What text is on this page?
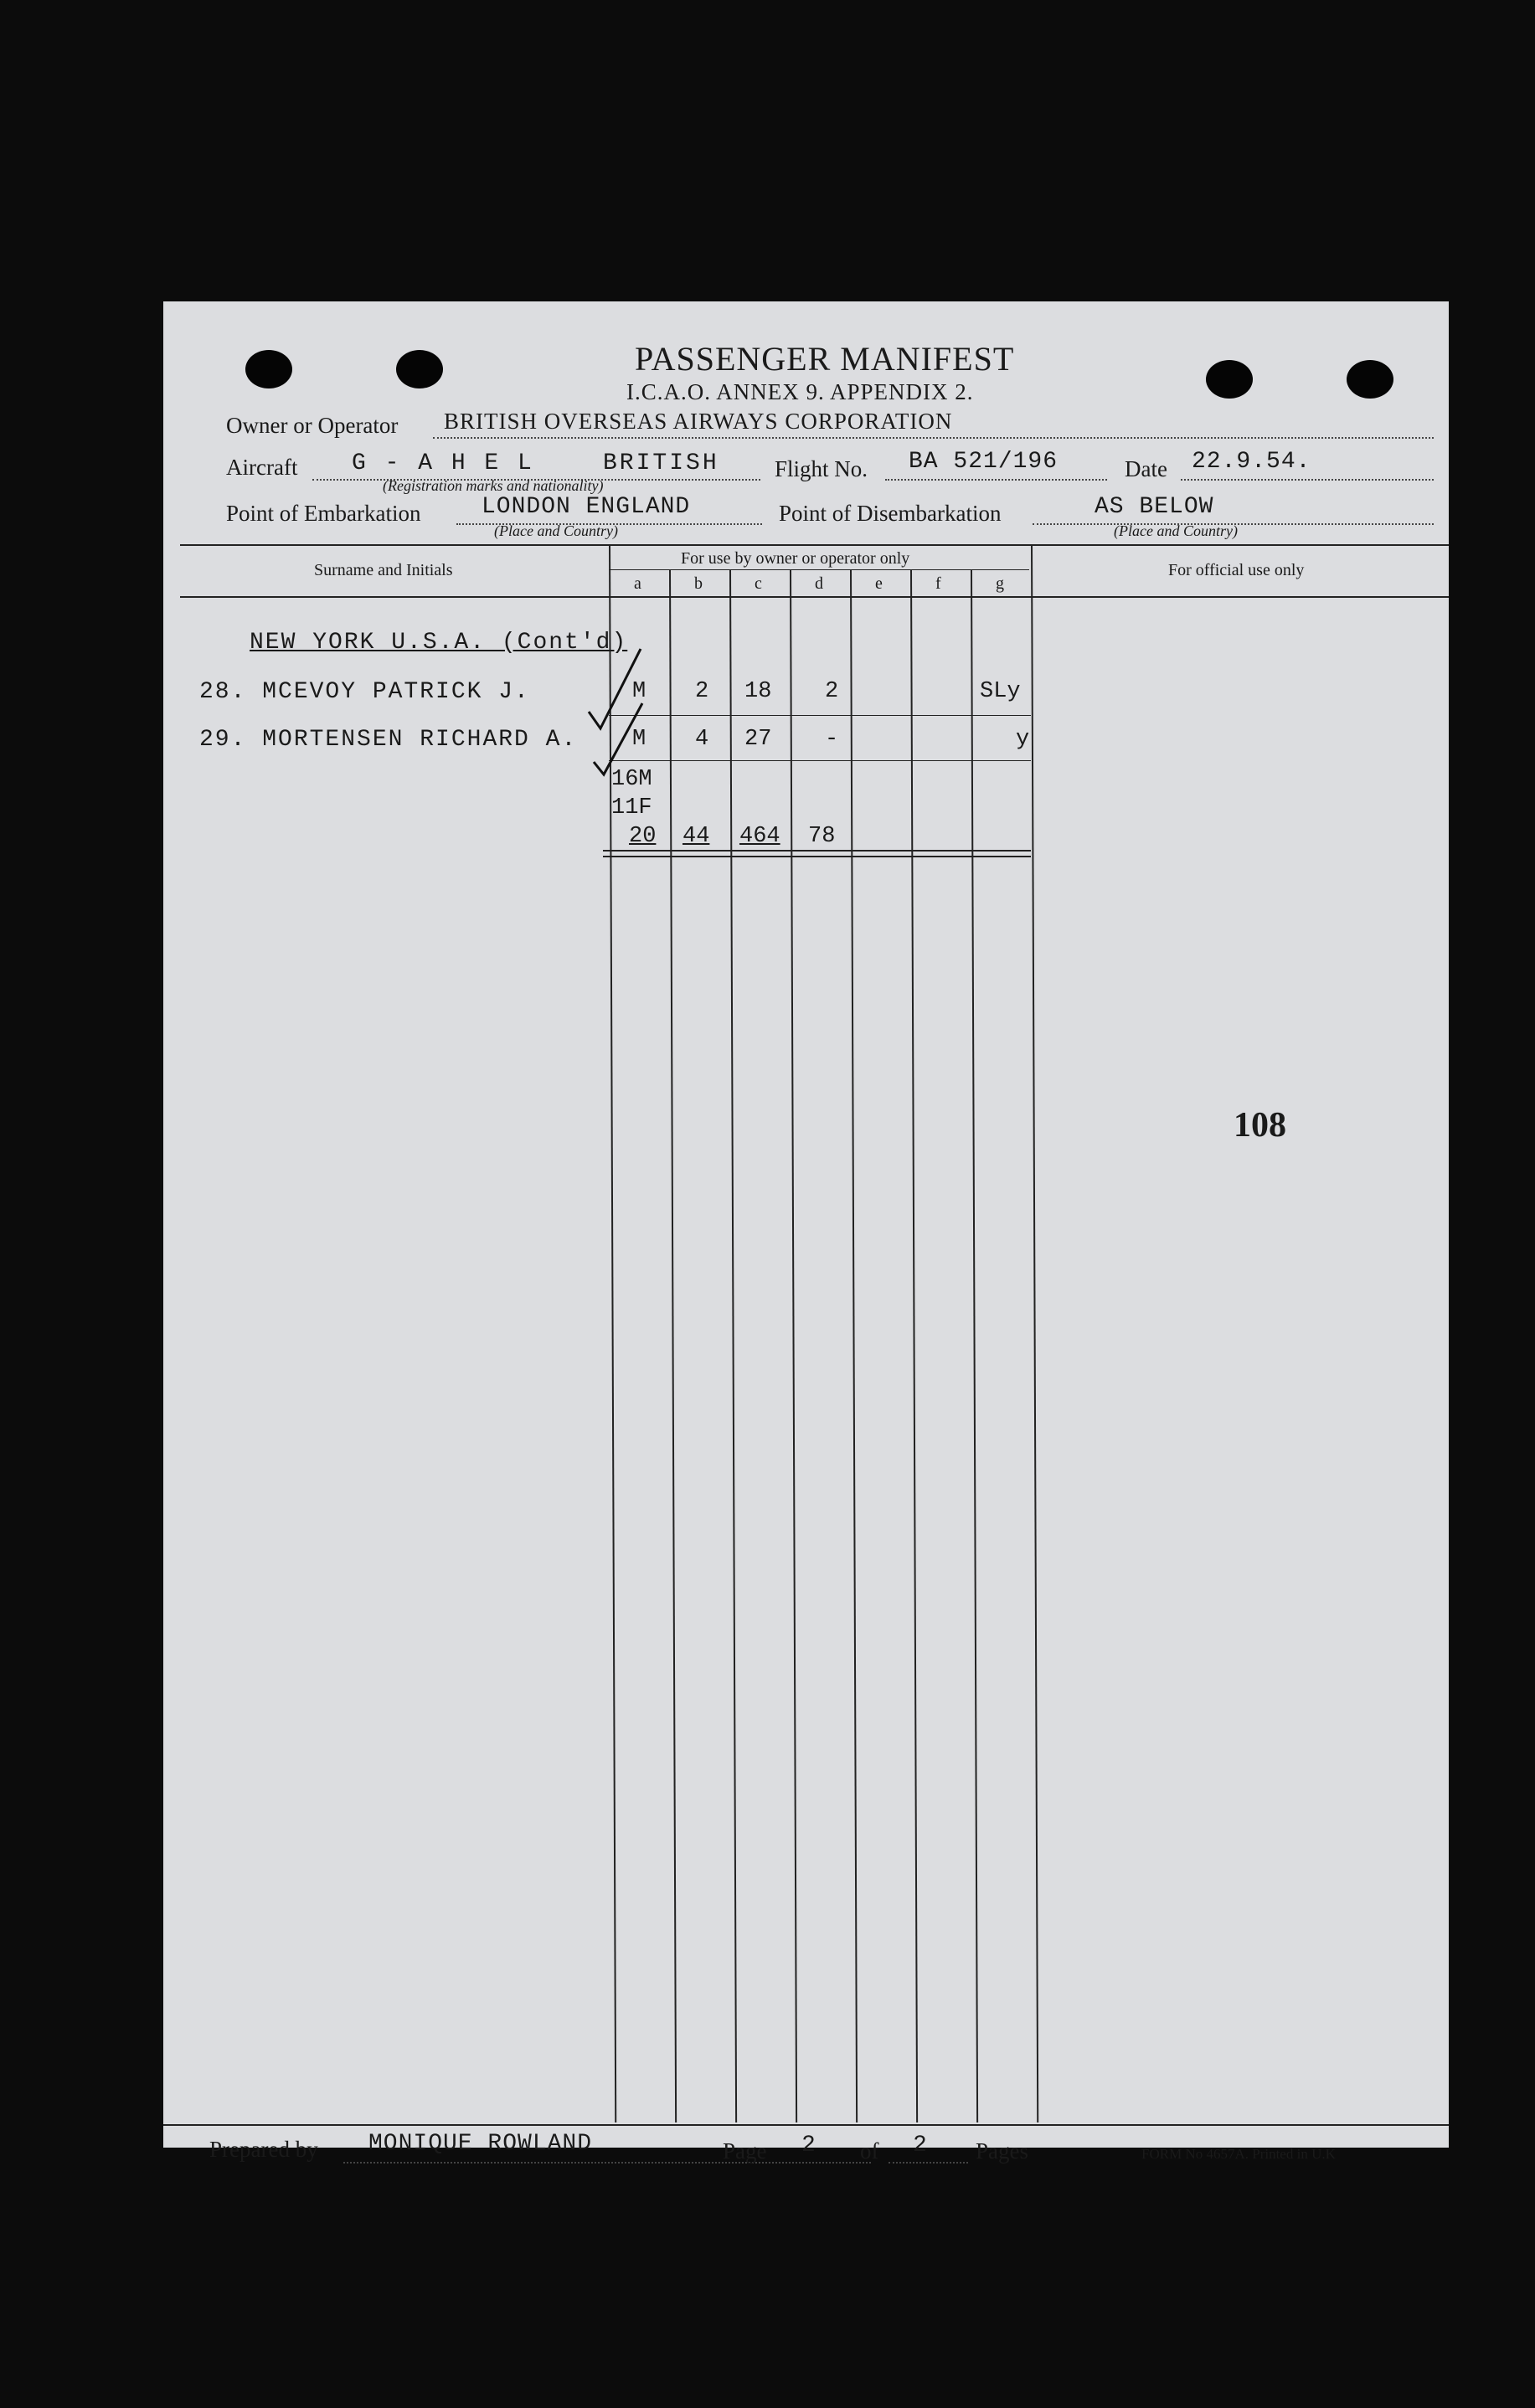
PASSENGER MANIFEST
I.C.A.O. ANNEX 9. APPENDIX 2.
Owner or Operator BRITISH OVERSEAS AIRWAYS CORPORATION
Aircraft G - A H E L	BRITISH
(Registration marks and nationality)
Flight No. BA 521/196	Date 22.9.54.
Point of Embarkation	LONDON ENGLAND
(Place and Country)
Point of Disembarkation	AS BELOW
(Place and Country)
Surname and Initials
For use by owner or operator only
For official use only
a	b	c	d	e	f	g
NEW YORK U.S.A. (Cont'd)
28. MCEVOY PATRICK J.	M 2 18 2	SLy
29. MORTENSEN RICHARD A. M 4 27 -	y
16M
11F
20 44 464 78
108
Prepared by MONIQUE ROWLAND	Page 2 of 2 Pages	FORM No 4657A. Printed in U.K
